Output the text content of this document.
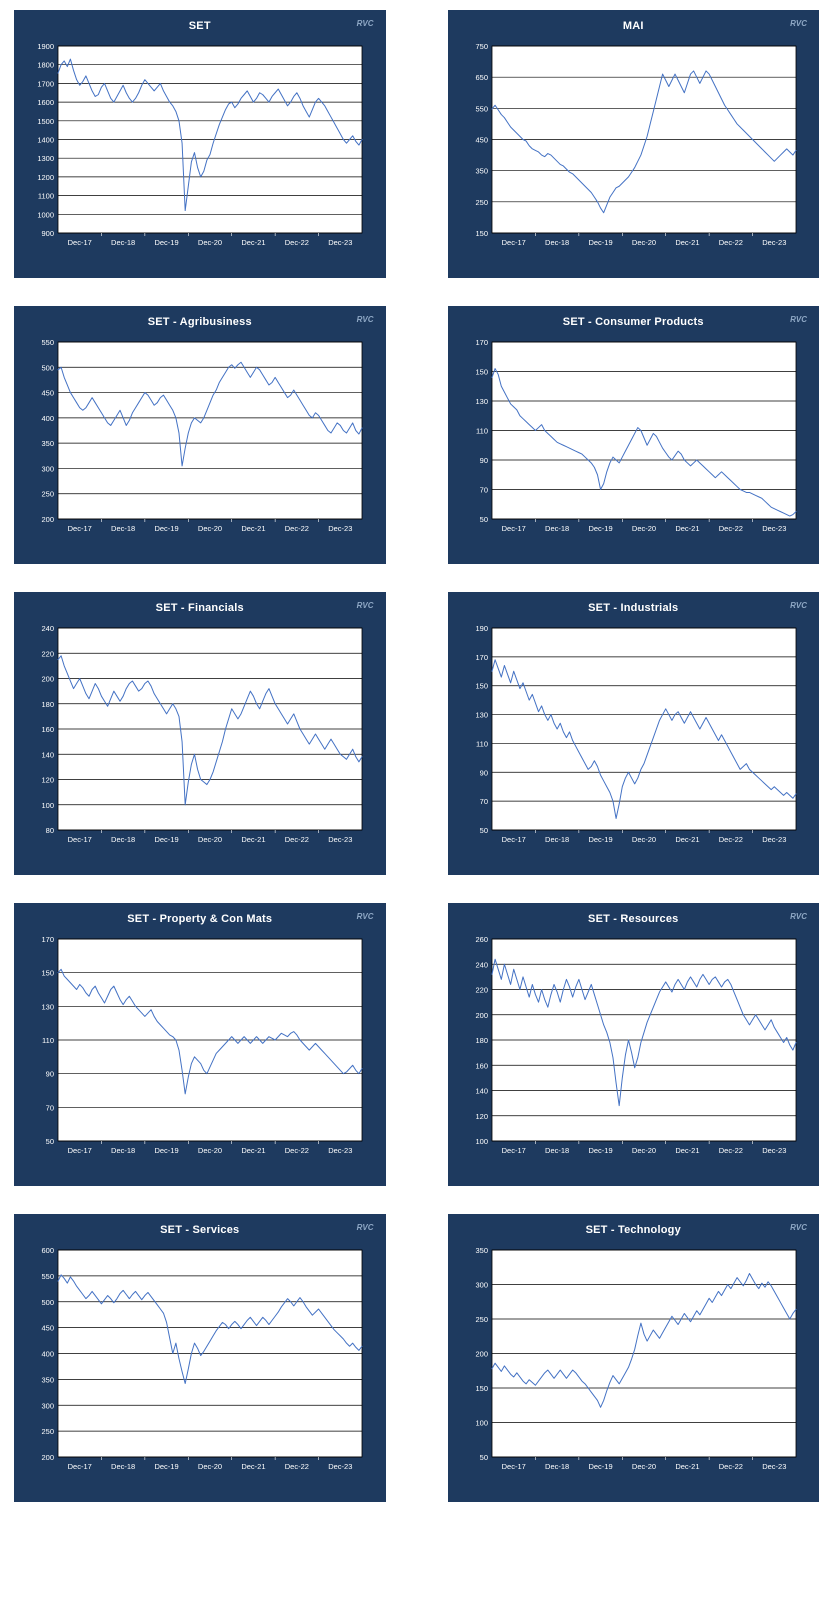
SET	RVC
900
1000
1100
1200
1300
1400
1500
1600
1700
1800
1900
Dec-17	Dec-18	Dec-19	Dec-20	Dec-21	Dec-22	Dec-23
MAI	RVC
150
250
350
450
550
650
750
Dec-17	Dec-18	Dec-19	Dec-20	Dec-21	Dec-22	Dec-23
SET - Agribusiness	RVC
200
250
300
350
400
450
500
550
Dec-17	Dec-18	Dec-19	Dec-20	Dec-21	Dec-22	Dec-23
SET - Consumer Products	RVC
50
70
90
110
130
150
170
Dec-17	Dec-18	Dec-19	Dec-20	Dec-21	Dec-22	Dec-23
SET - Financials	RVC
80
100
120
140
160
180
200
220
240
Dec-17	Dec-18	Dec-19	Dec-20	Dec-21	Dec-22	Dec-23
SET - Industrials	RVC
50
70
90
110
130
150
170
190
Dec-17	Dec-18	Dec-19	Dec-20	Dec-21	Dec-22	Dec-23
SET - Property & Con Mats	RVC
50
70
90
110
130
150
170
Dec-17	Dec-18	Dec-19	Dec-20	Dec-21	Dec-22	Dec-23
SET - Resources	RVC
100
120
140
160
180
200
220
240
260
Dec-17	Dec-18	Dec-19	Dec-20	Dec-21	Dec-22	Dec-23
SET - Services	RVC
200
250
300
350
400
450
500
550
600
Dec-17	Dec-18	Dec-19	Dec-20	Dec-21	Dec-22	Dec-23
SET - Technology	RVC
50
100
150
200
250
300
350
Dec-17	Dec-18	Dec-19	Dec-20	Dec-21	Dec-22	Dec-23
